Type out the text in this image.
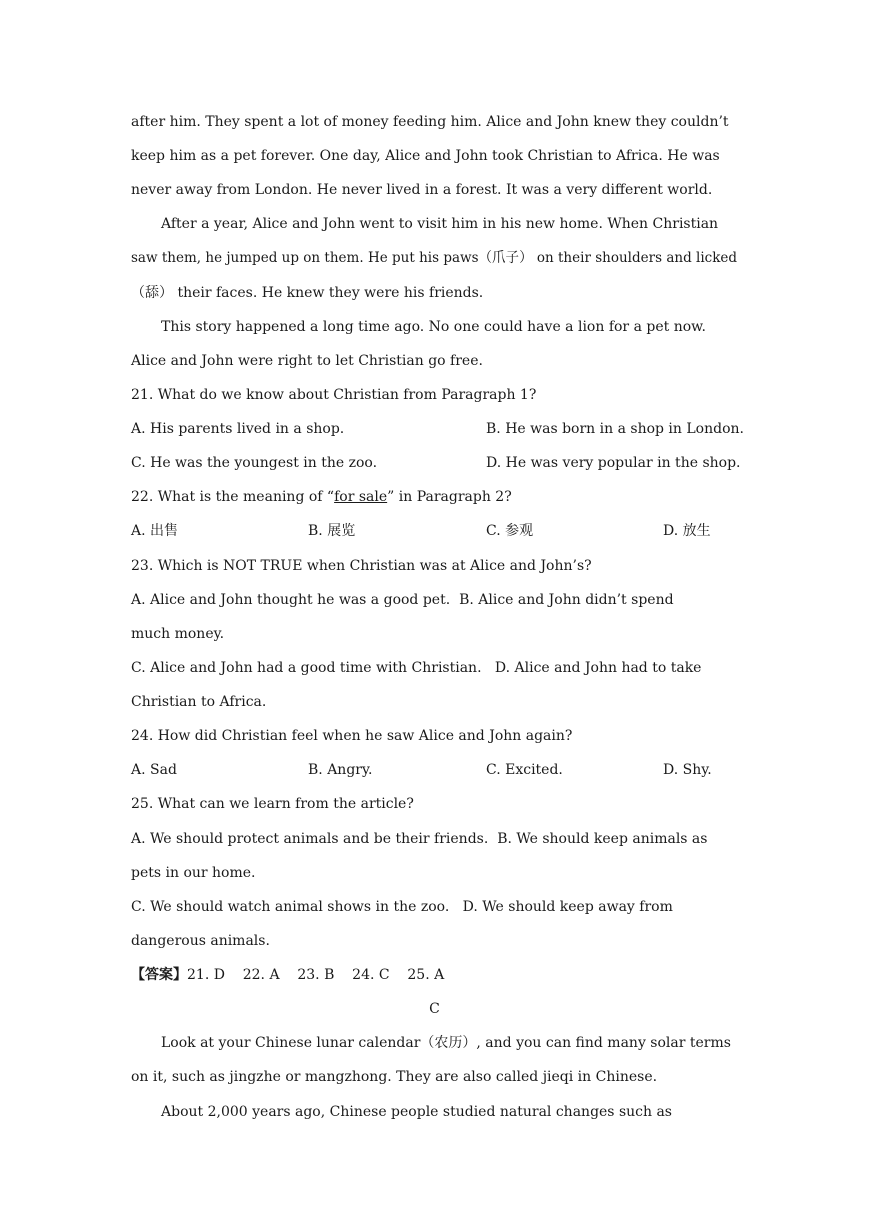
after him. They spent a lot of money feeding him. Alice and John knew they couldn’t
keep him as a pet forever. One day, Alice and John took Christian to Africa. He was
never away from London. He never lived in a forest. It was a very different world.
After a year, Alice and John went to visit him in his new home. When Christian
saw them, he jumped up on them. He put his paws（爪子） on their shoulders and licked
（舔） their faces. He knew they were his friends.
This story happened a long time ago. No one could have a lion for a pet now.
Alice and John were right to let Christian go free.
21. What do we know about Christian from Paragraph 1?
A. His parents lived in a shop.	B. He was born in a shop in London.
C. He was the youngest in the zoo.	D. He was very popular in the shop.
22. What is the meaning of “for sale” in Paragraph 2?
A. 出售	B. 展览	C. 参观	D. 放生
23. Which is NOT TRUE when Christian was at Alice and John’s?
A. Alice and John thought he was a good pet.  B. Alice and John didn’t spend
much money.
C. Alice and John had a good time with Christian.   D. Alice and John had to take
Christian to Africa.
24. How did Christian feel when he saw Alice and John again?
A. Sad	B. Angry.	C. Excited.	D. Shy.
25. What can we learn from the article?
A. We should protect animals and be their friends.  B. We should keep animals as
pets in our home.
C. We should watch animal shows in the zoo.   D. We should keep away from
dangerous animals.
【答案】21. D    22. A    23. B    24. C    25. A
C
Look at your Chinese lunar calendar（农历）, and you can find many solar terms
on it, such as jingzhe or mangzhong. They are also called jieqi in Chinese.
About 2,000 years ago, Chinese people studied natural changes such as
